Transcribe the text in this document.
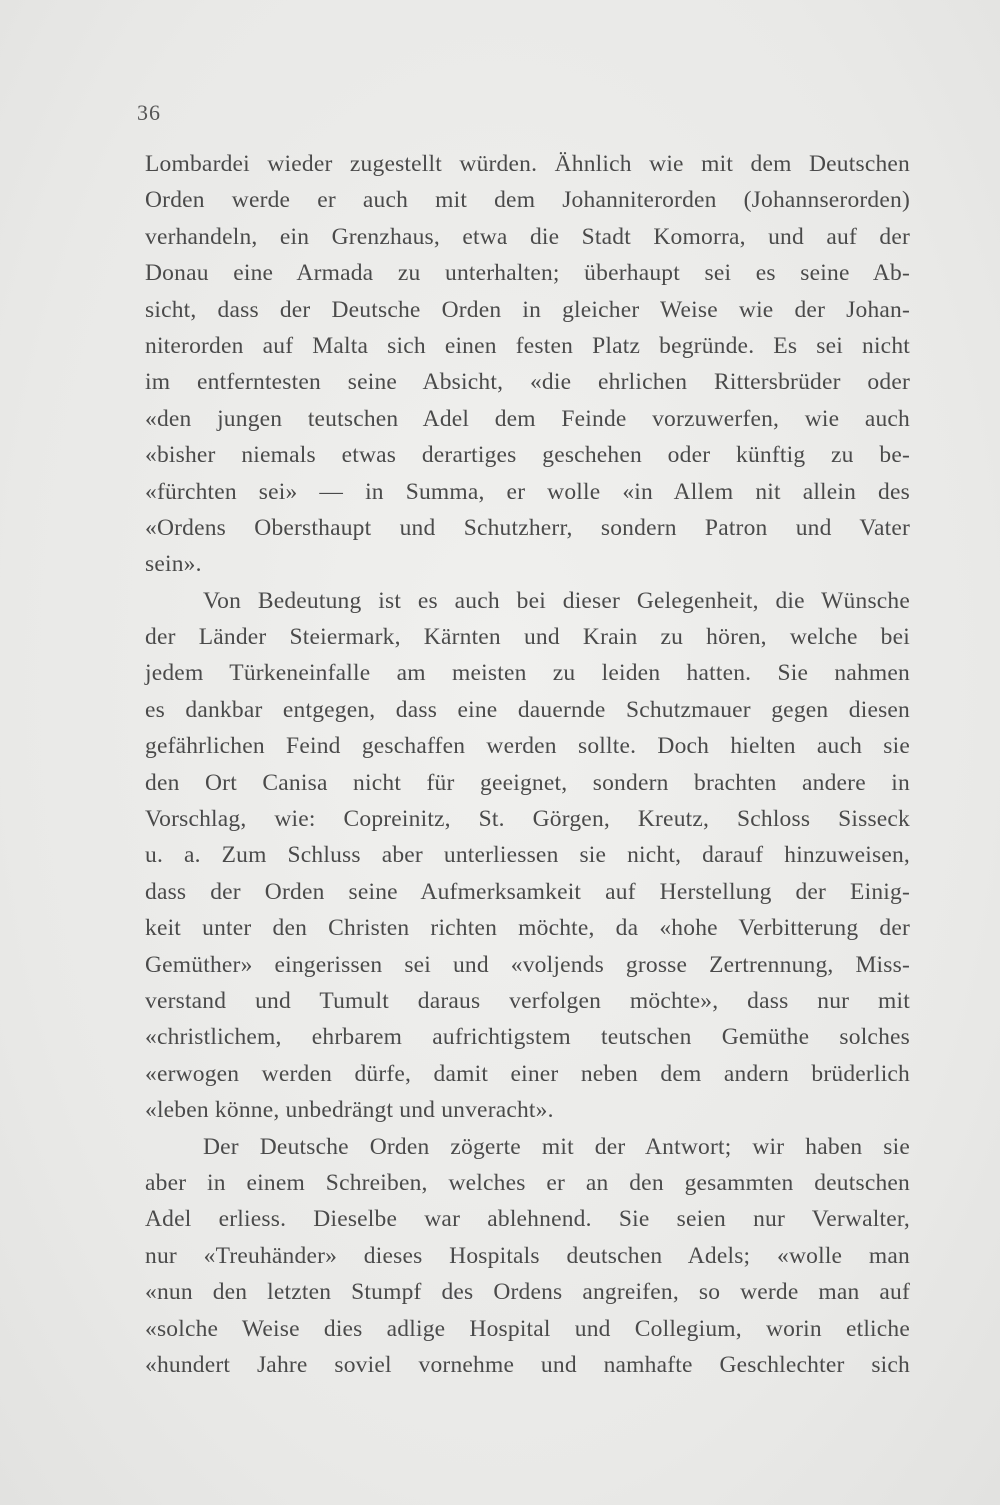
36
Lombardei wieder zugestellt würden. Ähnlich wie mit dem Deutschen
Orden werde er auch mit dem Johanniterorden (Johannserorden)
verhandeln, ein Grenzhaus, etwa die Stadt Komorra, und auf der
Donau eine Armada zu unterhalten; überhaupt sei es seine Ab-
sicht, dass der Deutsche Orden in gleicher Weise wie der Johan-
niterorden auf Malta sich einen festen Platz begründe. Es sei nicht
im entferntesten seine Absicht, «die ehrlichen Rittersbrüder oder
«den jungen teutschen Adel dem Feinde vorzuwerfen, wie auch
«bisher niemals etwas derartiges geschehen oder künftig zu be-
«fürchten sei» — in Summa, er wolle «in Allem nit allein des
«Ordens Obersthaupt und Schutzherr, sondern Patron und Vater
sein».
Von Bedeutung ist es auch bei dieser Gelegenheit, die Wünsche
der Länder Steiermark, Kärnten und Krain zu hören, welche bei
jedem Türkeneinfalle am meisten zu leiden hatten. Sie nahmen
es dankbar entgegen, dass eine dauernde Schutzmauer gegen diesen
gefährlichen Feind geschaffen werden sollte. Doch hielten auch sie
den Ort Canisa nicht für geeignet, sondern brachten andere in
Vorschlag, wie: Copreinitz, St. Görgen, Kreutz, Schloss Sisseck
u. a. Zum Schluss aber unterliessen sie nicht, darauf hinzuweisen,
dass der Orden seine Aufmerksamkeit auf Herstellung der Einig-
keit unter den Christen richten möchte, da «hohe Verbitterung der
Gemüther» eingerissen sei und «voljends grosse Zertrennung, Miss-
verstand und Tumult daraus verfolgen möchte», dass nur mit
«christlichem, ehrbarem aufrichtigstem teutschen Gemüthe solches
«erwogen werden dürfe, damit einer neben dem andern brüderlich
«leben könne, unbedrängt und unveracht».
Der Deutsche Orden zögerte mit der Antwort; wir haben sie
aber in einem Schreiben, welches er an den gesammten deutschen
Adel erliess. Dieselbe war ablehnend. Sie seien nur Verwalter,
nur «Treuhänder» dieses Hospitals deutschen Adels; «wolle man
«nun den letzten Stumpf des Ordens angreifen, so werde man auf
«solche Weise dies adlige Hospital und Collegium, worin etliche
«hundert Jahre soviel vornehme und namhafte Geschlechter sich
